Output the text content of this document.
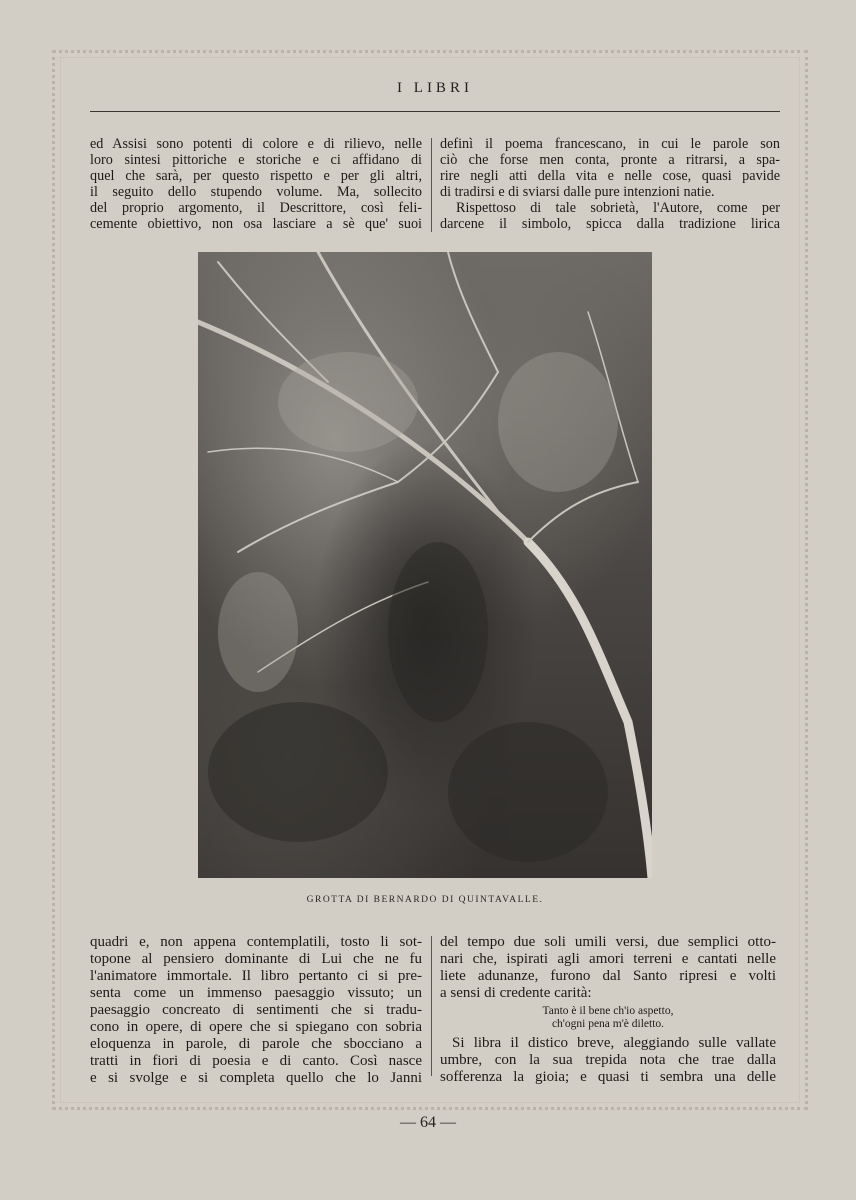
I LIBRI
ed Assisi sono potenti di colore e di rilievo, nelle
loro sintesi pittoriche e storiche e ci affidano di
quel che sarà, per questo rispetto e per gli altri,
il seguito dello stupendo volume. Ma, sollecito
del proprio argomento, il Descrittore, così feli-
cemente obiettivo, non osa lasciare a sè que' suoi
definì il poema francescano, in cui le parole son
ciò che forse men conta, pronte a ritrarsi, a spa-
rire negli atti della vita e nelle cose, quasi pavide
di tradirsi e di sviarsi dalle pure intenzioni natie.
Rispettoso di tale sobrietà, l'Autore, come per
darcene il simbolo, spicca dalla tradizione lirica
GROTTA DI BERNARDO DI QUINTAVALLE.
quadri e, non appena contemplatili, tosto li sot-
topone al pensiero dominante di Lui che ne fu
l'animatore immortale. Il libro pertanto ci si pre-
senta come un immenso paesaggio vissuto; un
paesaggio concreato di sentimenti che si tradu-
cono in opere, di opere che si spiegano con sobria
eloquenza in parole, di parole che sbocciano a
tratti in fiori di poesia e di canto. Così nasce
e si svolge e si completa quello che lo Janni
del tempo due soli umili versi, due semplici otto-
nari che, ispirati agli amori terreni e cantati nelle
liete adunanze, furono dal Santo ripresi e volti
a sensi di credente carità:
Tanto è il bene ch'io aspetto,
ch'ogni pena m'è diletto.
Si libra il distico breve, aleggiando sulle vallate
umbre, con la sua trepida nota che trae dalla
sofferenza la gioia; e quasi ti sembra una delle
— 64 —
